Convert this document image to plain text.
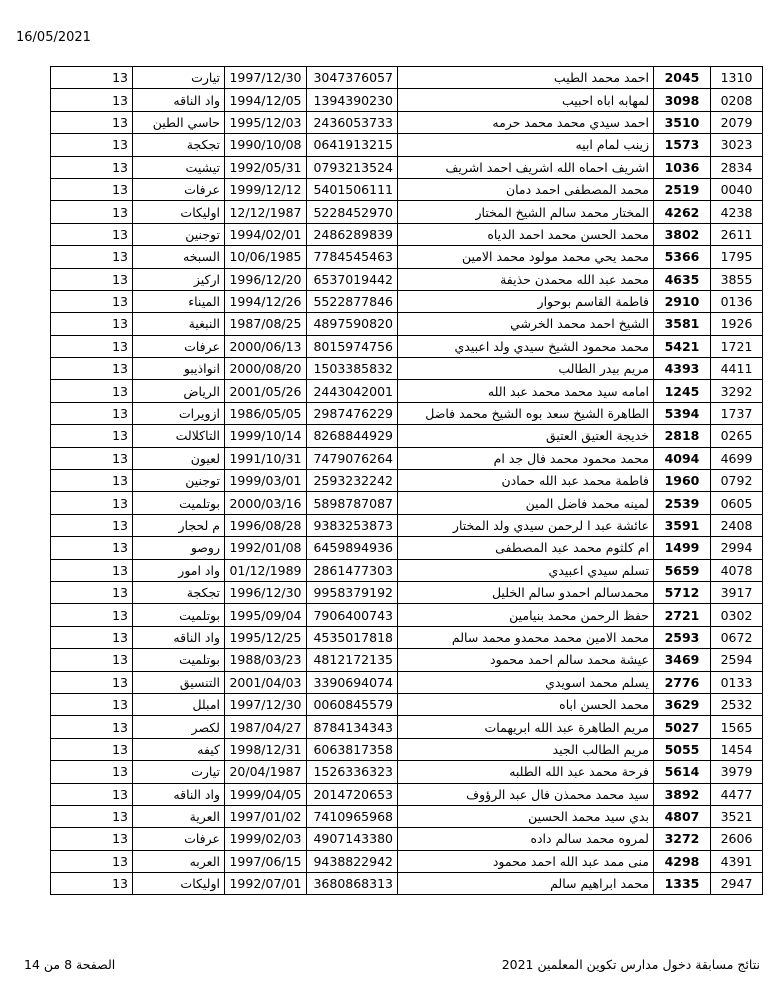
16/05/2021
13	تيارت	1997/12/30	3047376057	احمد محمد الطيب	2045	1310
13	واد الناقه	1994/12/05	1394390230	لمهابه اباه احبيب	3098	0208
13	حاسي الطين	1995/12/03	2436053733	احمد سيدي محمد محمد حرمه	3510	2079
13	تجكجة	1990/10/08	0641913215	زينب لمام ابيه	1573	3023
13	تيشيت	1992/05/31	0793213524	اشريف احماه الله اشريف احمد اشريف	1036	2834
13	عرفات	1999/12/12	5401506111	محمد المصطفى احمد دمان	2519	0040
13	اوليكات	12/12/1987	5228452970	المختار محمد سالم الشيخ المختار	4262	4238
13	توجنين	1994/02/01	2486289839	محمد الحسن محمد احمد الدياه	3802	2611
13	السبخه	10/06/1985	7784545463	محمد يحي محمد مولود محمد الامين	5366	1795
13	اركيز	1996/12/20	6537019442	محمد عبد الله محمدن حذيفة	4635	3855
13	الميناء	1994/12/26	5522877846	فاطمة القاسم بوحوار	2910	0136
13	النبغية	1987/08/25	4897590820	الشيخ احمد محمد الخرشي	3581	1926
13	عرفات	2000/06/13	8015974756	محمد محمود الشيخ سيدي ولد اعبيدي	5421	1721
13	انواذيبو	2000/08/20	1503385832	مريم بيدر الطالب	4393	4411
13	الرياض	2001/05/26	2443042001	امامه سيد محمد محمد عبد الله	1245	3292
13	ازويرات	1986/05/05	2987476229	الطاهرة الشيخ سعد بوه الشيخ محمد فاضل	5394	1737
13	التاكلالت	1999/10/14	8268844929	خديجة العتيق العتيق	2818	0265
13	لعيون	1991/10/31	7479076264	محمد محمود محمد فال جد ام	4094	4699
13	توجنين	1999/03/01	2593232242	فاطمة محمد عبد الله حمادن	1960	0792
13	بوتلميت	2000/03/16	5898787087	لمينه محمد فاضل المين	2539	0605
13	م لحجار	1996/08/28	9383253873	عائشة عبد ا لرحمن سيدي ولد المختار	3591	2408
13	روصو	1992/01/08	6459894936	ام كلثوم محمد عبد المصطفى	1499	2994
13	واد امور	01/12/1989	2861477303	تسلم سيدي اعبيدي	5659	4078
13	تجكجة	1996/12/30	9958379192	محمدسالم احمدو سالم الخليل	5712	3917
13	بوتلميت	1995/09/04	7906400743	حفظ الرحمن محمد بنيامين	2721	0302
13	واد الناقه	1995/12/25	4535017818	محمد الامين محمد محمدو محمد سالم	2593	0672
13	بوتلميت	1988/03/23	4812172135	عيشة محمد سالم احمد محمود	3469	2594
13	التنسيق	2001/04/03	3390694074	يسلم محمد اسويدي	2776	0133
13	امبلل	1997/12/30	0060845579	محمد الحسن اباه	3629	2532
13	لكصر	1987/04/27	8784134343	مريم الطاهرة عبد الله ابريهمات	5027	1565
13	كيفه	1998/12/31	6063817358	مريم الطالب الجيد	5055	1454
13	تيارت	20/04/1987	1526336323	فرحة محمد عبد الله الطلبه	5614	3979
13	واد الناقه	1999/04/05	2014720653	سيد محمد محمذن فال عبد الرؤوف	3892	4477
13	العرية	1997/01/02	7410965968	بدي سيد محمد الحسين	4807	3521
13	عرفات	1999/02/03	4907143380	لمروه محمد سالم داده	3272	2606
13	العربه	1997/06/15	9438822942	منى ممد عبد الله احمد محمود	4298	4391
13	اوليكات	1992/07/01	3680868313	محمد ابراهيم سالم	1335	2947
نتائج مسابقة دخول مدارس تكوين المعلمين 2021
الصفحة 8 من 14
